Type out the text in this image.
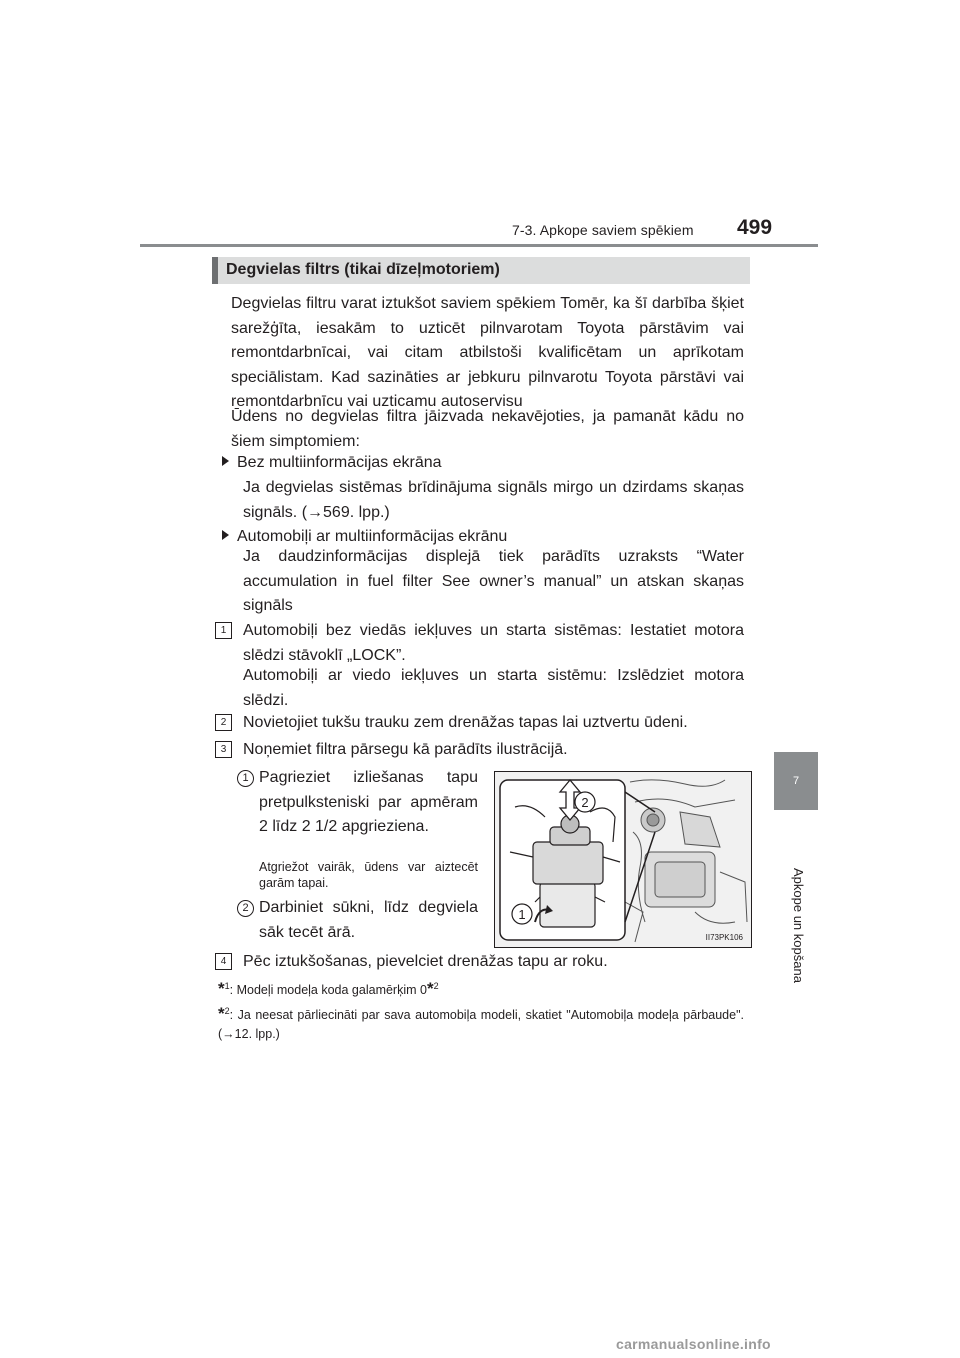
7-3. Apkope saviem spēkiem 499
7
Apkope un kopšana
Degvielas filtrs (tikai dīzeļmotoriem)
Degvielas filtru varat iztukšot saviem spēkiem Tomēr, ka šī darbība šķiet sarežģīta, iesakām to uzticēt pilnvarotam Toyota pārstāvim vai remontdarbnīcai, vai citam atbilstoši kvalificētam un aprīkotam speciālistam. Kad sazināties ar jebkuru pilnvarotu Toyota pārstāvi vai remontdarbnīcu vai uzticamu autoservisu
Ūdens no degvielas filtra jāizvada nekavējoties, ja pamanāt kādu no šiem simptomiem:
Bez multiinformācijas ekrāna
Ja degvielas sistēmas brīdinājuma signāls mirgo un dzirdams skaņas signāls. (→569. lpp.)
Automobiļi ar multiinformācijas ekrānu
Ja daudzinformācijas displejā tiek parādīts uzraksts “Water accumulation in fuel filter See owner’s manual” un atskan skaņas signāls
1	Automobiļi bez viedās iekļuves un starta sistēmas: Iestatiet motora slēdzi stāvoklī „LOCK”.
Automobiļi ar viedo iekļuves un starta sistēmu: Izslēdziet motora slēdzi.
2	Novietojiet tukšu trauku zem drenāžas tapas lai uztvertu ūdeni.
3	Noņemiet filtra pārsegu kā parādīts ilustrācijā.
1 Pagrieziet izliešanas tapu pretpulksteniski par apmēram 2 līdz 2 1/2 apgrieziena.
Atgriežot vairāk, ūdens var aiztecēt garām tapai.
2 Darbiniet sūkni, līdz degviela sāk tecēt ārā.
2
1
II73PK106
4	Pēc iztukšošanas, pievelciet drenāžas tapu ar roku.
*$^1$: Modeļi modeļa koda galamērķim 0*$^2$
*$^2$: Ja neesat pārliecināti par sava automobiļa modeli, skatiet "Automobiļa modeļa pārbaude". (→12. lpp.)
carmanualsonline.info
